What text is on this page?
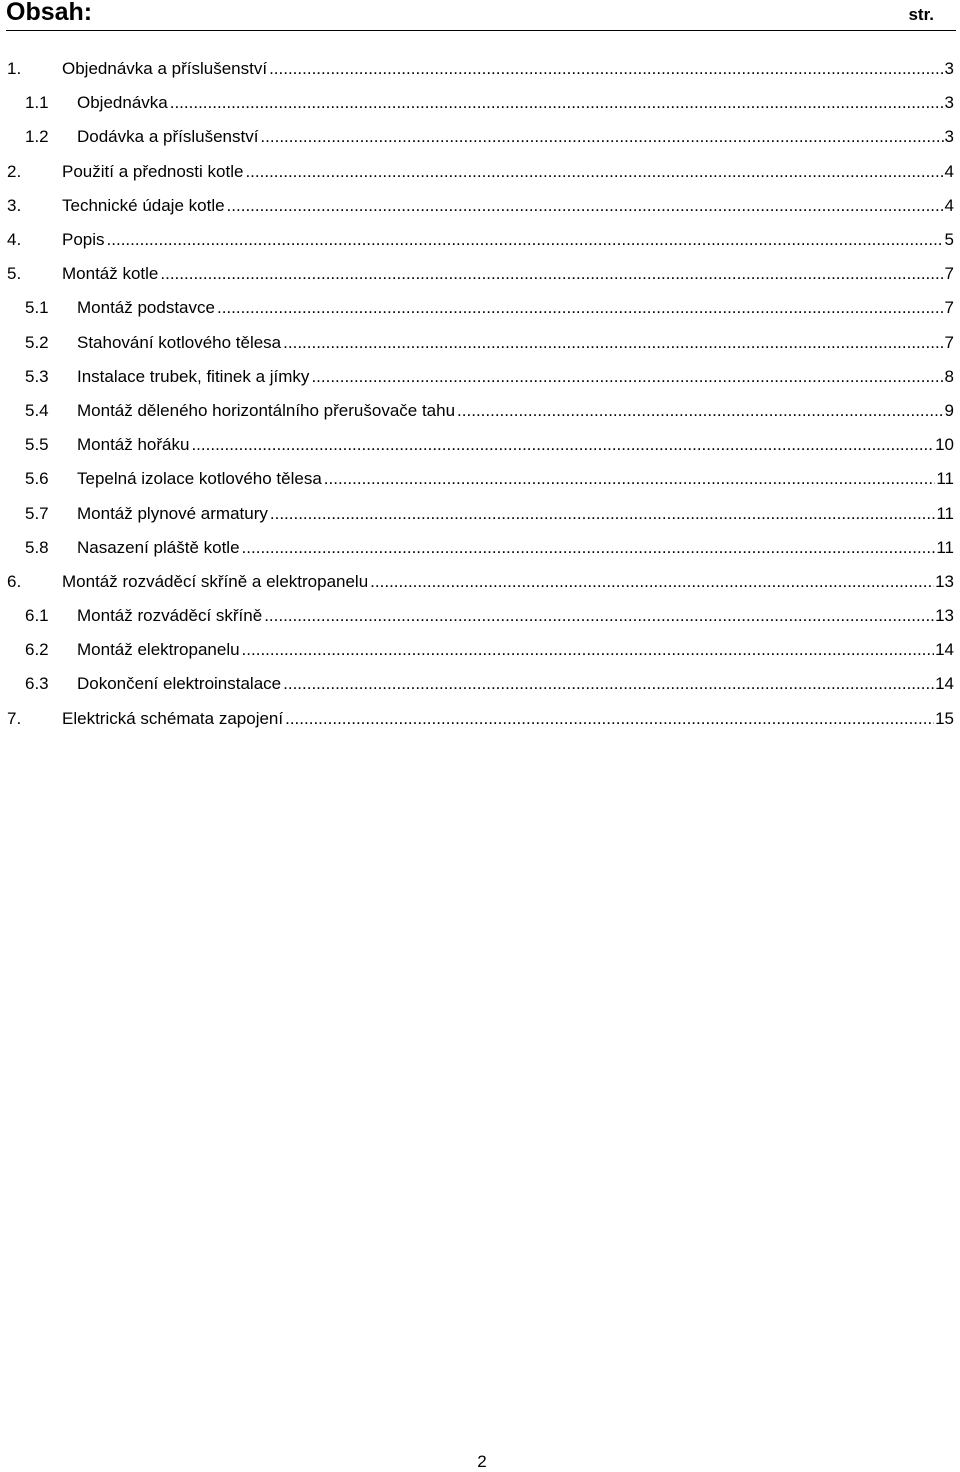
Obsah:	str.
1.	Objednávka a příslušenství .....	3
1.1	Objednávka .....	3
1.2	Dodávka a příslušenství .....	3
2.	Použití a přednosti kotle .....	4
3.	Technické údaje kotle .....	4
4.	Popis .....	5
5.	Montáž kotle .....	7
5.1	Montáž podstavce .....	7
5.2	Stahování kotlového tělesa .....	7
5.3	Instalace trubek, fitinek a jímky .....	8
5.4	Montáž děleného horizontálního přerušovače tahu .....	9
5.5	Montáž hořáku .....	10
5.6	Tepelná izolace kotlového tělesa .....	11
5.7	Montáž plynové armatury .....	11
5.8	Nasazení pláště kotle .....	11
6.	Montáž rozváděcí skříně a elektropanelu .....	13
6.1	Montáž rozváděcí skříně .....	13
6.2	Montáž elektropanelu .....	14
6.3	Dokončení elektroinstalace .....	14
7.	Elektrická schémata zapojení .....	15
2
